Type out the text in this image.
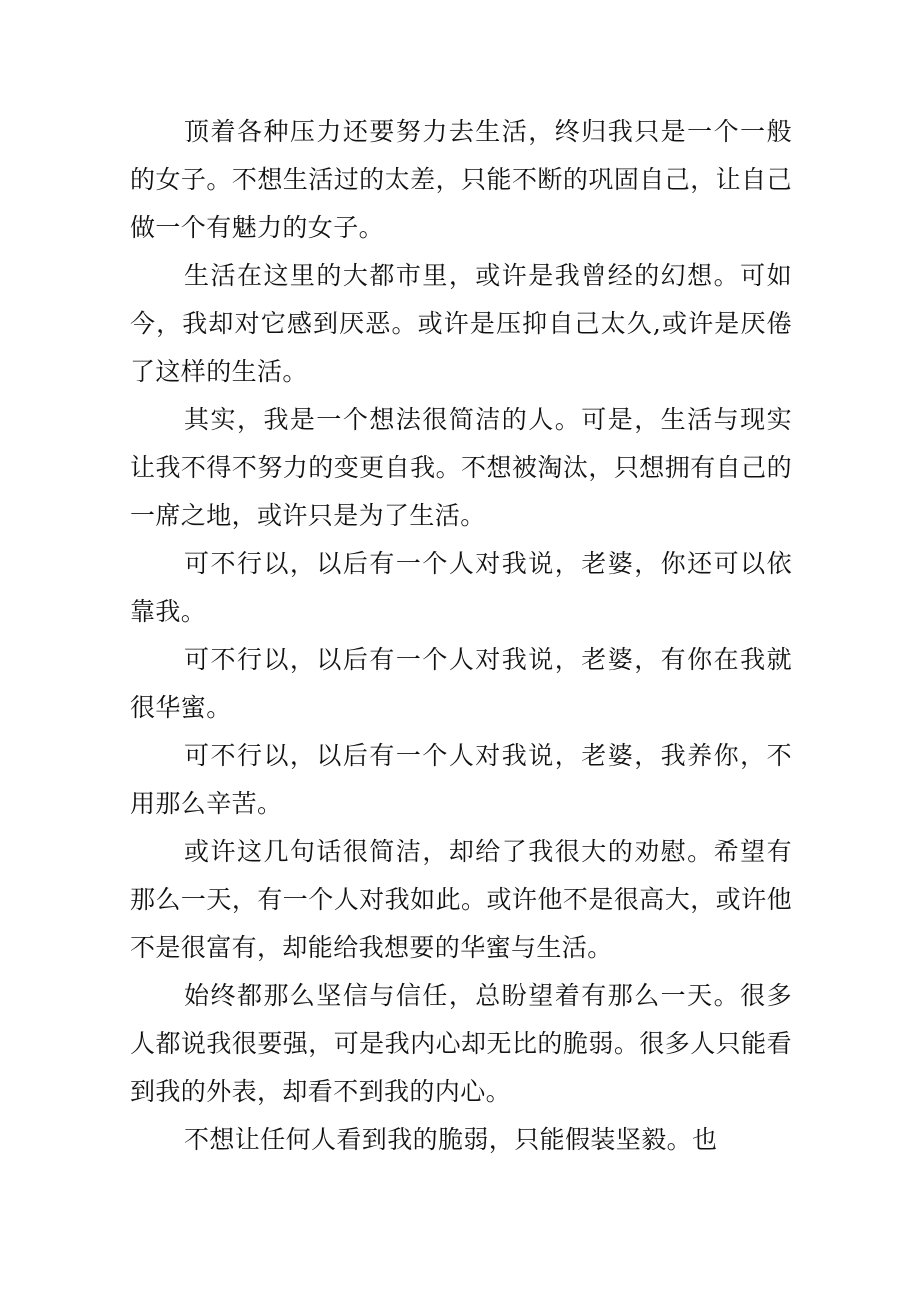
顶着各种压力还要努力去生活，终归我只是一个一般的女子。不想生活过的太差，只能不断的巩固自己，让自己做一个有魅力的女子。

生活在这里的大都市里，或许是我曾经的幻想。可如今，我却对它感到厌恶。或许是压抑自己太久,或许是厌倦了这样的生活。

其实，我是一个想法很简洁的人。可是，生活与现实让我不得不努力的变更自我。不想被淘汰，只想拥有自己的一席之地，或许只是为了生活。

可不行以，以后有一个人对我说，老婆，你还可以依靠我。

可不行以，以后有一个人对我说，老婆，有你在我就很华蜜。

可不行以，以后有一个人对我说，老婆，我养你，不用那么辛苦。

或许这几句话很简洁，却给了我很大的劝慰。希望有那么一天，有一个人对我如此。或许他不是很高大，或许他不是很富有，却能给我想要的华蜜与生活。

始终都那么坚信与信任，总盼望着有那么一天。很多人都说我很要强，可是我内心却无比的脆弱。很多人只能看到我的外表，却看不到我的内心。

不想让任何人看到我的脆弱，只能假装坚毅。也
